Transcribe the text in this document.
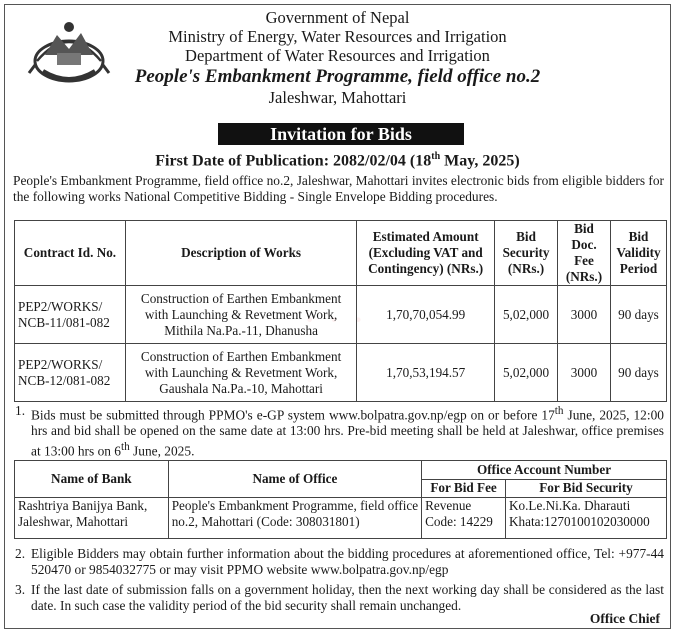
Government of Nepal
Ministry of Energy, Water Resources and Irrigation
Department of Water Resources and Irrigation
People's Embankment Programme, field office no.2
Jaleshwar, Mahottari
Invitation for Bids
First Date of Publication: 2082/02/04 (18th May, 2025)
People's Embankment Programme, field office no.2, Jaleshwar, Mahottari invites electronic bids from eligible bidders for the following works National Competitive Bidding - Single Envelope Bidding procedures.
· · ·
Contract Id. No.	Description of Works	Estimated Amount (Excluding VAT and Contingency) (NRs.)	Bid Security (NRs.)	Bid Doc. Fee (NRs.)	Bid Validity Period
PEP2/WORKS/ NCB-11/081-082	Construction of Earthen Embankment with Launching & Revetment Work, Mithila Na.Pa.-11, Dhanusha	1,70,70,054.99	5,02,000	3000	90 days
PEP2/WORKS/ NCB-12/081-082	Construction of Earthen Embankment with Launching & Revetment Work, Gaushala Na.Pa.-10, Mahottari	1,70,53,194.57	5,02,000	3000	90 days
1. Bids must be submitted through PPMO's e-GP system www.bolpatra.gov.np/egp on or before 17th June, 2025, 12:00 hrs and bid shall be opened on the same date at 13:00 hrs. Pre-bid meeting shall be held at Jaleshwar, office premises at 13:00 hrs on 6th June, 2025.
Name of Bank	Name of Office	Office Account Number	
		For Bid Fee	For Bid Security
Rashtriya Banijya Bank, Jaleshwar, Mahottari	People's Embankment Programme, field office no.2, Mahottari (Code: 308031801)	Revenue Code: 14229	Ko.Le.Ni.Ka. Dharauti Khata:1270100102030000
2. Eligible Bidders may obtain further information about the bidding procedures at aforementioned office, Tel: +977-44 520470 or 9854032775 or may visit PPMO website www.bolpatra.gov.np/egp
3. If the last date of submission falls on a government holiday, then the next working day shall be considered as the last date. In such case the validity period of the bid security shall remain unchanged.
Office Chief
